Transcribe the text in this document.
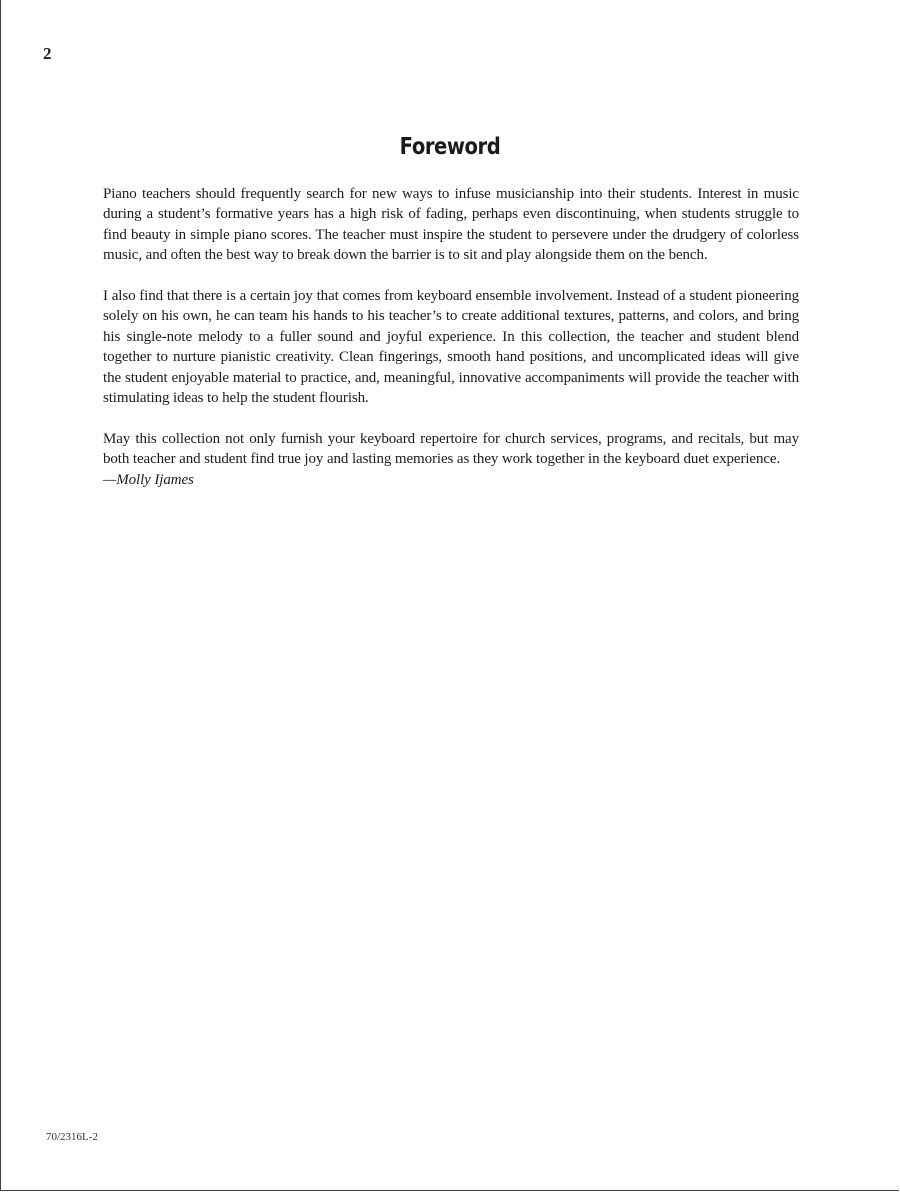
2
Foreword

Piano teachers should frequently search for new ways to infuse musicianship into their students. Interest in music during a student’s formative years has a high risk of fading, perhaps even discontinuing, when students struggle to find beauty in simple piano scores. The teacher must inspire the student to persevere under the drudgery of colorless music, and often the best way to break down the barrier is to sit and play alongside them on the bench.

I also find that there is a certain joy that comes from keyboard ensemble involvement. Instead of a student pioneering solely on his own, he can team his hands to his teacher’s to create additional textures, patterns, and colors, and bring his single-note melody to a fuller sound and joyful experience. In this collection, the teacher and student blend together to nurture pianistic creativity. Clean fingerings, smooth hand positions, and uncomplicated ideas will give the student enjoyable material to practice, and, meaningful, innovative accompaniments will provide the teacher with stimulating ideas to help the student flourish.

May this collection not only furnish your keyboard repertoire for church services, programs, and recitals, but may both teacher and student find true joy and lasting memories as they work together in the keyboard duet experience.

—Molly Ijames

70/2316L-2
